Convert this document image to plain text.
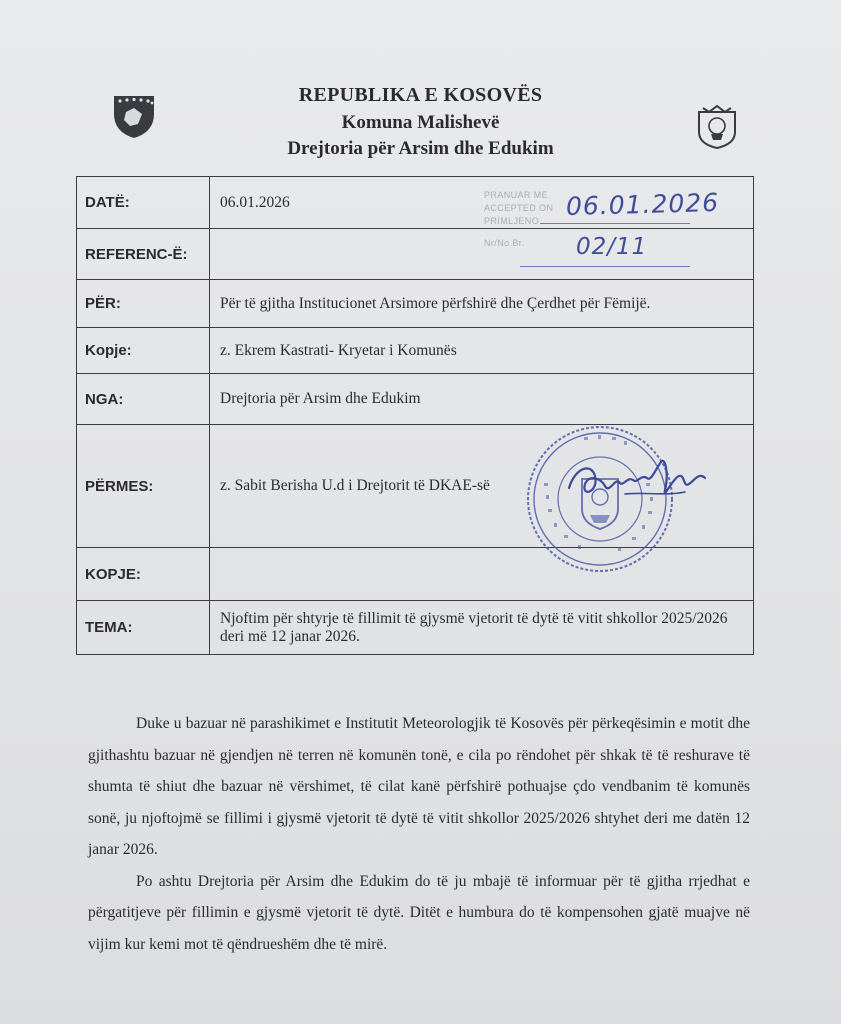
REPUBLIKA E KOSOVËS
Komuna Malishevë
Drejtoria për Arsim dhe Edukim
DATË:	06.01.2026
REFERENC-Ë:	
PËR:	Për të gjitha Institucionet Arsimore përfshirë dhe Çerdhet për Fëmijë.
Kopje:	z. Ekrem Kastrati- Kryetar i Komunës
NGA:	Drejtoria për Arsim dhe Edukim
PËRMES:	z. Sabit Berisha U.d i Drejtorit të DKAE-së
KOPJE:	
TEMA:	Njoftim për shtyrje të fillimit të gjysmë vjetorit të dytë të vitit shkollor 2025/2026 deri më 12 janar 2026.
PRANUAR ME
ACCEPTED ON
PRIMLJENO
Nr/No.Br.
06.01.2026
02/11

Duke u bazuar në parashikimet e Institutit Meteorologjik të Kosovës për përkeqësimin e motit dhe gjithashtu bazuar në gjendjen në terren në komunën tonë, e cila po rëndohet për shkak të të reshurave të shumta të shiut dhe bazuar në vërshimet, të cilat kanë përfshirë pothuajse çdo vendbanim të komunës sonë, ju njoftojmë se fillimi i gjysmë vjetorit të dytë të vitit shkollor 2025/2026 shtyhet deri me datën 12 janar 2026.

Po ashtu Drejtoria për Arsim dhe Edukim do të ju mbajë të informuar për të gjitha rrjedhat e përgatitjeve për fillimin e gjysmë vjetorit të dytë. Ditët e humbura do të kompensohen gjatë muajve në vijim kur kemi mot të qëndrueshëm dhe të mirë.
